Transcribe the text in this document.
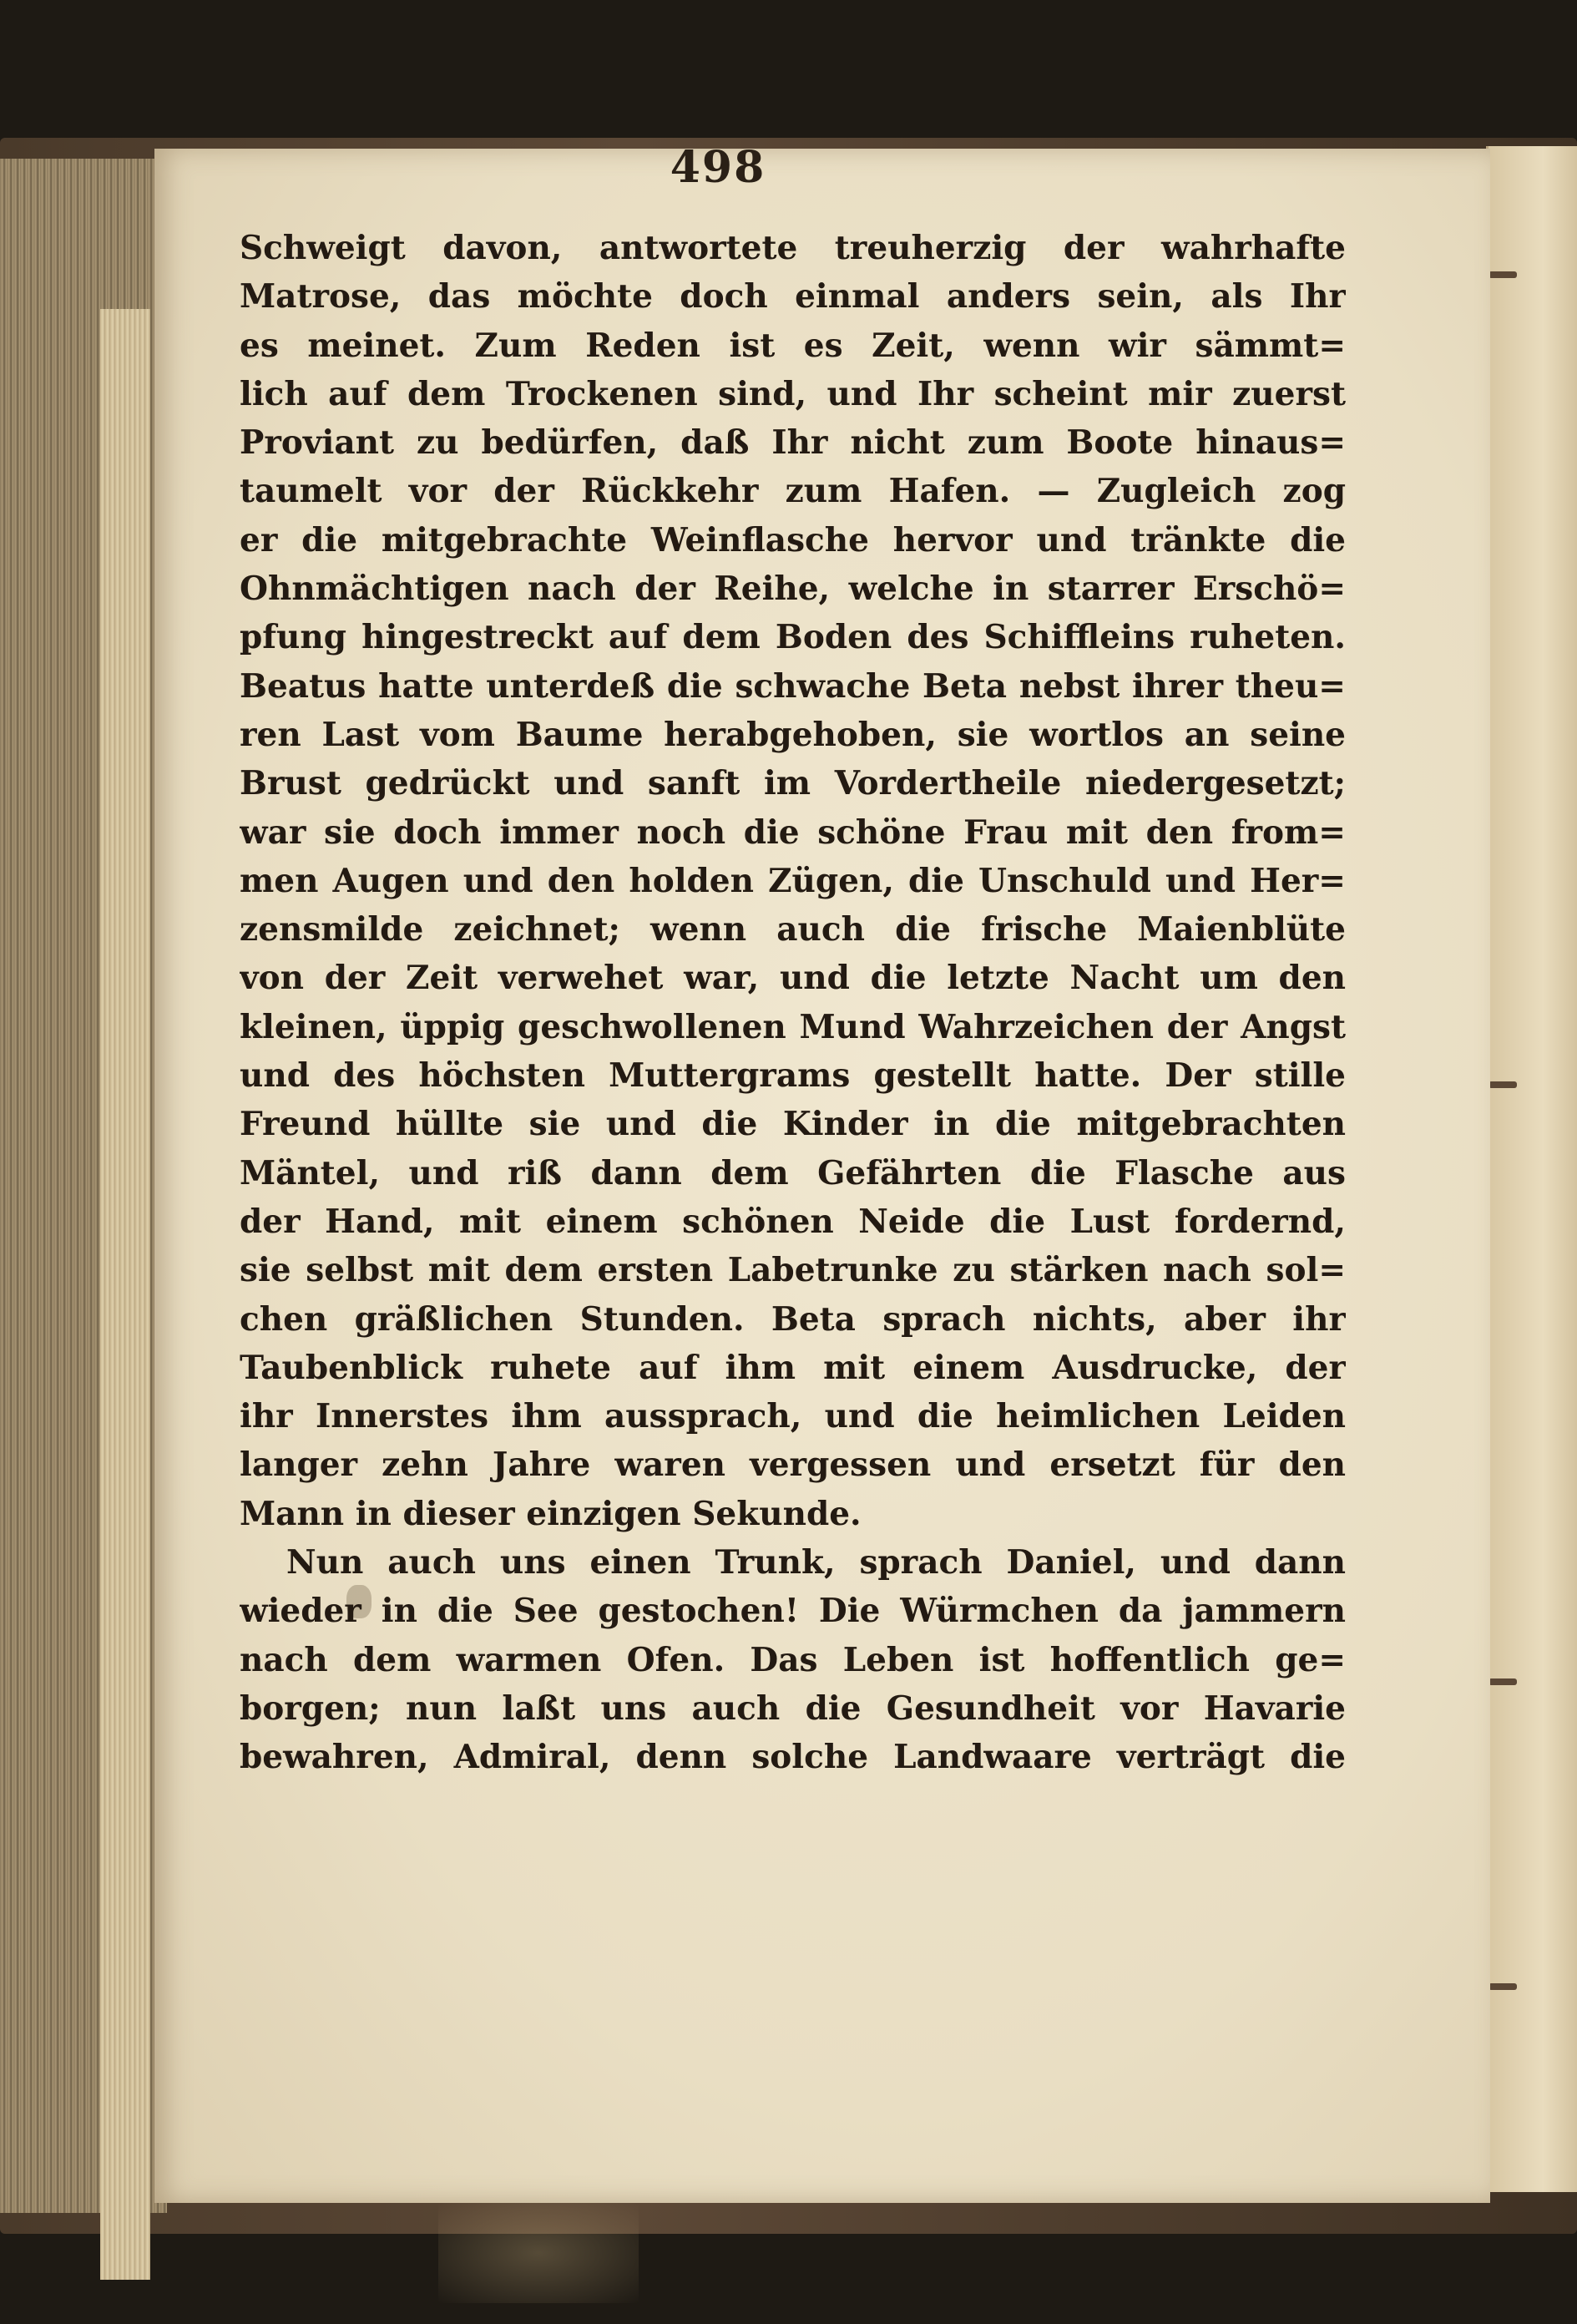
498
Schweigt davon, antwortete treuherzig der wahrhafte
Matrose, das möchte doch einmal anders sein, als Ihr
es meinet. Zum Reden ist es Zeit, wenn wir sämmt=
lich auf dem Trockenen sind, und Ihr scheint mir zuerst
Proviant zu bedürfen, daß Ihr nicht zum Boote hinaus=
taumelt vor der Rückkehr zum Hafen. — Zugleich zog
er die mitgebrachte Weinflasche hervor und tränkte die
Ohnmächtigen nach der Reihe, welche in starrer Erschö=
pfung hingestreckt auf dem Boden des Schiffleins ruheten.
Beatus hatte unterdeß die schwache Beta nebst ihrer theu=
ren Last vom Baume herabgehoben, sie wortlos an seine
Brust gedrückt und sanft im Vordertheile niedergesetzt;
war sie doch immer noch die schöne Frau mit den from=
men Augen und den holden Zügen, die Unschuld und Her=
zensmilde zeichnet; wenn auch die frische Maienblüte
von der Zeit verwehet war, und die letzte Nacht um den
kleinen, üppig geschwollenen Mund Wahrzeichen der Angst
und des höchsten Muttergrams gestellt hatte. Der stille
Freund hüllte sie und die Kinder in die mitgebrachten
Mäntel, und riß dann dem Gefährten die Flasche aus
der Hand, mit einem schönen Neide die Lust fordernd,
sie selbst mit dem ersten Labetrunke zu stärken nach sol=
chen gräßlichen Stunden. Beta sprach nichts, aber ihr
Taubenblick ruhete auf ihm mit einem Ausdrucke, der
ihr Innerstes ihm aussprach, und die heimlichen Leiden
langer zehn Jahre waren vergessen und ersetzt für den
Mann in dieser einzigen Sekunde.
Nun auch uns einen Trunk, sprach Daniel, und dann
wieder in die See gestochen! Die Würmchen da jammern
nach dem warmen Ofen. Das Leben ist hoffentlich ge=
borgen; nun laßt uns auch die Gesundheit vor Havarie
bewahren, Admiral, denn solche Landwaare verträgt die
